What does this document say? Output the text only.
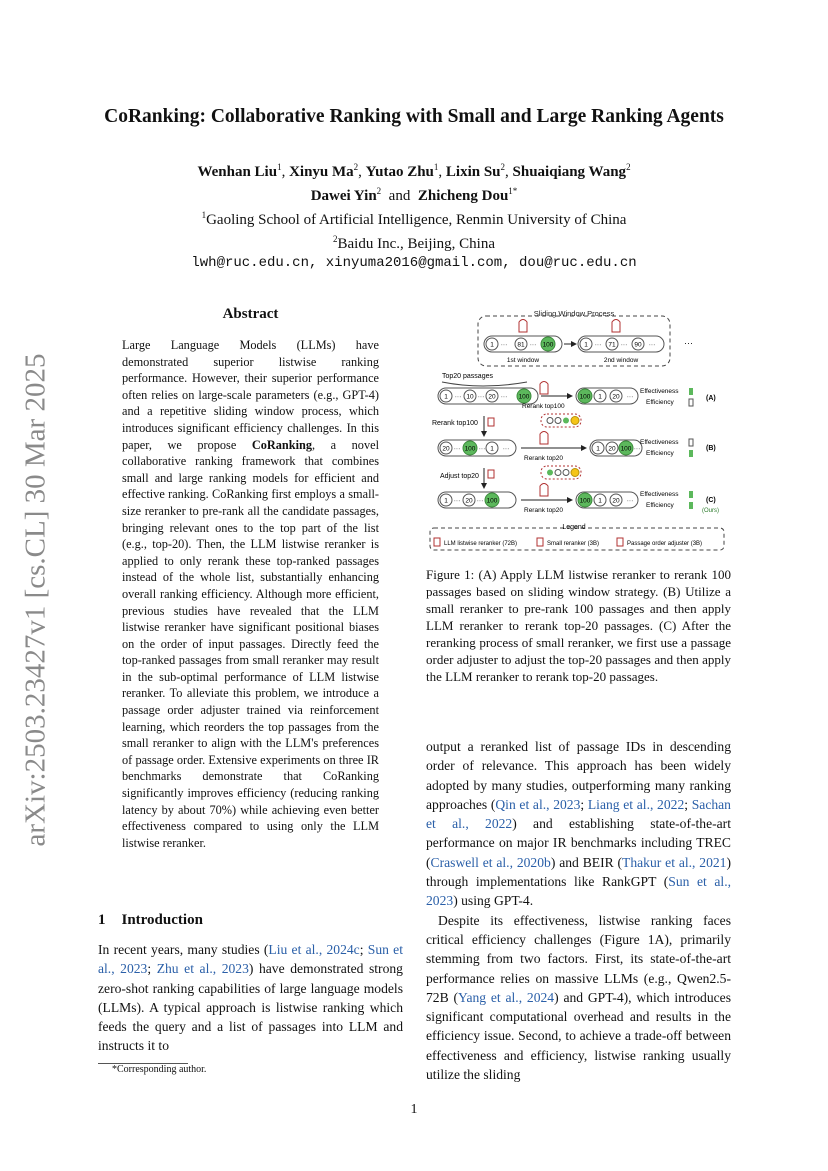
arXiv:2503.23427v1 [cs.CL] 30 Mar 2025
CoRanking: Collaborative Ranking with Small and Large Ranking Agents
Wenhan Liu$^1$, Xinyu Ma$^2$, Yutao Zhu$^1$, Lixin Su$^2$, Shuaiqiang Wang$^2$
Dawei Yin$^2$ and Zhicheng Dou$^{1*}$
$^1$Gaoling School of Artificial Intelligence, Renmin University of China
$^2$Baidu Inc., Beijing, China
lwh@ruc.edu.cn, xinyuma2016@gmail.com, dou@ruc.edu.cn
Abstract

Large Language Models (LLMs) have demonstrated superior listwise ranking performance. However, their superior performance often relies on large-scale parameters (e.g., GPT-4) and a repetitive sliding window process, which introduces significant efficiency challenges. In this paper, we propose CoRanking, a novel collaborative ranking framework that combines small and large ranking models for efficient and effective ranking. CoRanking first employs a small-size reranker to pre-rank all the candidate passages, bringing relevant ones to the top part of the list (e.g., top-20). Then, the LLM listwise reranker is applied to only rerank these top-ranked passages instead of the whole list, substantially enhancing overall ranking efficiency. Although more efficient, previous studies have revealed that the LLM listwise reranker have significant positional biases on the order of input passages. Directly feed the top-ranked passages from small reranker may result in the sub-optimal performance of LLM listwise reranker. To alleviate this problem, we introduce a passage order adjuster trained via reinforcement learning, which reorders the top passages from the small reranker to align with the LLM's preferences of passage order. Extensive experiments on three IR benchmarks demonstrate that CoRanking significantly improves efficiency (reducing ranking latency by about 70%) while achieving even better effectiveness compared to using only the LLM listwise reranker.

1 Introduction

In recent years, many studies (Liu et al., 2024c; Sun et al., 2023; Zhu et al., 2023) have demonstrated strong zero-shot ranking capabilities of large language models (LLMs). A typical approach is listwise ranking which feeds the query and a list of passages into LLM and instructs it to

*Corresponding author.
Sliding Window Process
1 ··· 81 ··· 100
1st window
1 ··· 71 ··· 90 ···
2nd window
···
Top20 passages
1 ··· 10 ··· 20 ··· 100
Rerank top100
100 1 20 ···
Effectiveness
Efficiency
(A)
Rerank top100
20 ··· 100 ··· 1 ···
Rerank top20
1 20 100 ···
Effectiveness
Efficiency
(B)
Adjust top20
1 ··· 20 ··· 100
Rerank top20
100 1 20 ···
Effectiveness
Efficiency
(C)
(Ours)
Legend
LLM listwise reranker (72B)	Small reranker (3B)	Passage order adjuster (3B)
Figure 1: (A) Apply LLM listwise reranker to rerank 100 passages based on sliding window strategy. (B) Utilize a small reranker to pre-rank 100 passages and then apply LLM reranker to rerank top-20 passages. (C) After the reranking process of small reranker, we first use a passage order adjuster to adjust the top-20 passages and then apply the LLM reranker to rerank top-20 passages.

output a reranked list of passage IDs in descending order of relevance. This approach has been widely adopted by many studies, outperforming many ranking approaches (Qin et al., 2023; Liang et al., 2022; Sachan et al., 2022) and establishing state-of-the-art performance on major IR benchmarks including TREC (Craswell et al., 2020b) and BEIR (Thakur et al., 2021) through implementations like RankGPT (Sun et al., 2023) using GPT-4.

Despite its effectiveness, listwise ranking faces critical efficiency challenges (Figure 1A), primarily stemming from two factors. First, its state-of-the-art performance relies on massive LLMs (e.g., Qwen2.5-72B (Yang et al., 2024) and GPT-4), which introduces significant computational overhead and results in the efficiency issue. Second, to achieve a trade-off between effectiveness and efficiency, listwise ranking usually utilize the sliding

1
